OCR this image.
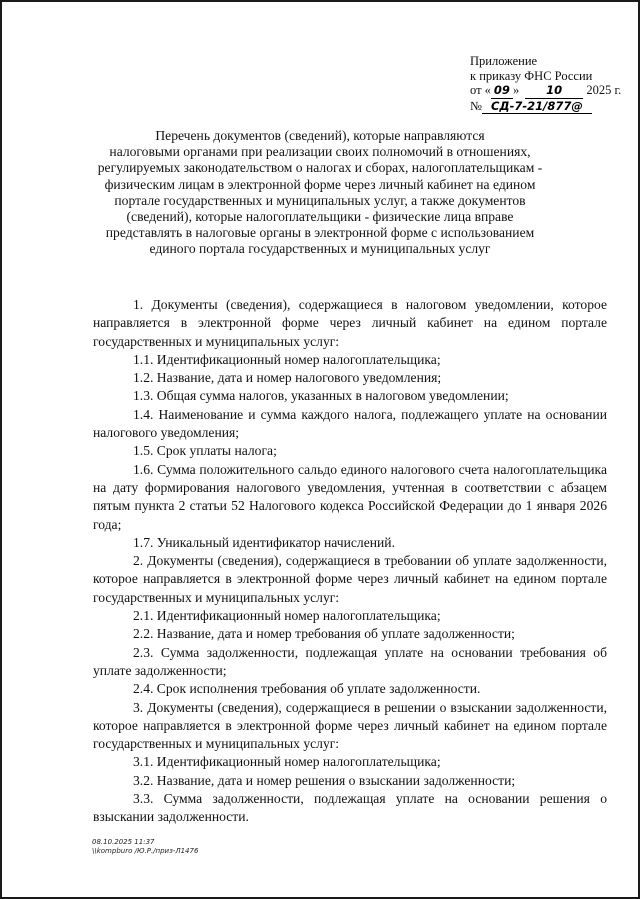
Приложение
к приказу ФНС России
от « 09 » 10 2025 г.
№ СД-7-21/877@
Перечень документов (сведений), которые направляются
налоговыми органами при реализации своих полномочий в отношениях,
регулируемых законодательством о налогах и сборах, налогоплательщикам -
физическим лицам в электронной форме через личный кабинет на едином
портале государственных и муниципальных услуг, а также документов
(сведений), которые налогоплательщики - физические лица вправе
представлять в налоговые органы в электронной форме с использованием
единого портала государственных и муниципальных услуг

1. Документы (сведения), содержащиеся в налоговом уведомлении, которое направляется в электронной форме через личный кабинет на едином портале государственных и муниципальных услуг:

1.1. Идентификационный номер налогоплательщика;

1.2. Название, дата и номер налогового уведомления;

1.3. Общая сумма налогов, указанных в налоговом уведомлении;

1.4. Наименование и сумма каждого налога, подлежащего уплате на основании налогового уведомления;

1.5. Срок уплаты налога;

1.6. Сумма положительного сальдо единого налогового счета налогоплательщика на дату формирования налогового уведомления, учтенная в соответствии с абзацем пятым пункта 2 статьи 52 Налогового кодекса Российской Федерации до 1 января 2026 года;

1.7. Уникальный идентификатор начислений.

2. Документы (сведения), содержащиеся в требовании об уплате задолженности, которое направляется в электронной форме через личный кабинет на едином портале государственных и муниципальных услуг:

2.1. Идентификационный номер налогоплательщика;

2.2. Название, дата и номер требования об уплате задолженности;

2.3. Сумма задолженности, подлежащая уплате на основании требования об уплате задолженности;

2.4. Срок исполнения требования об уплате задолженности.

3. Документы (сведения), содержащиеся в решении о взыскании задолженности, которое направляется в электронной форме через личный кабинет на едином портале государственных и муниципальных услуг:

3.1. Идентификационный номер налогоплательщика;

3.2. Название, дата и номер решения о взыскании задолженности;

3.3. Сумма задолженности, подлежащая уплате на основании решения о взыскании задолженности.

08.10.2025 11:37
\\kompburo /Ю.Р./приз-Л1476
